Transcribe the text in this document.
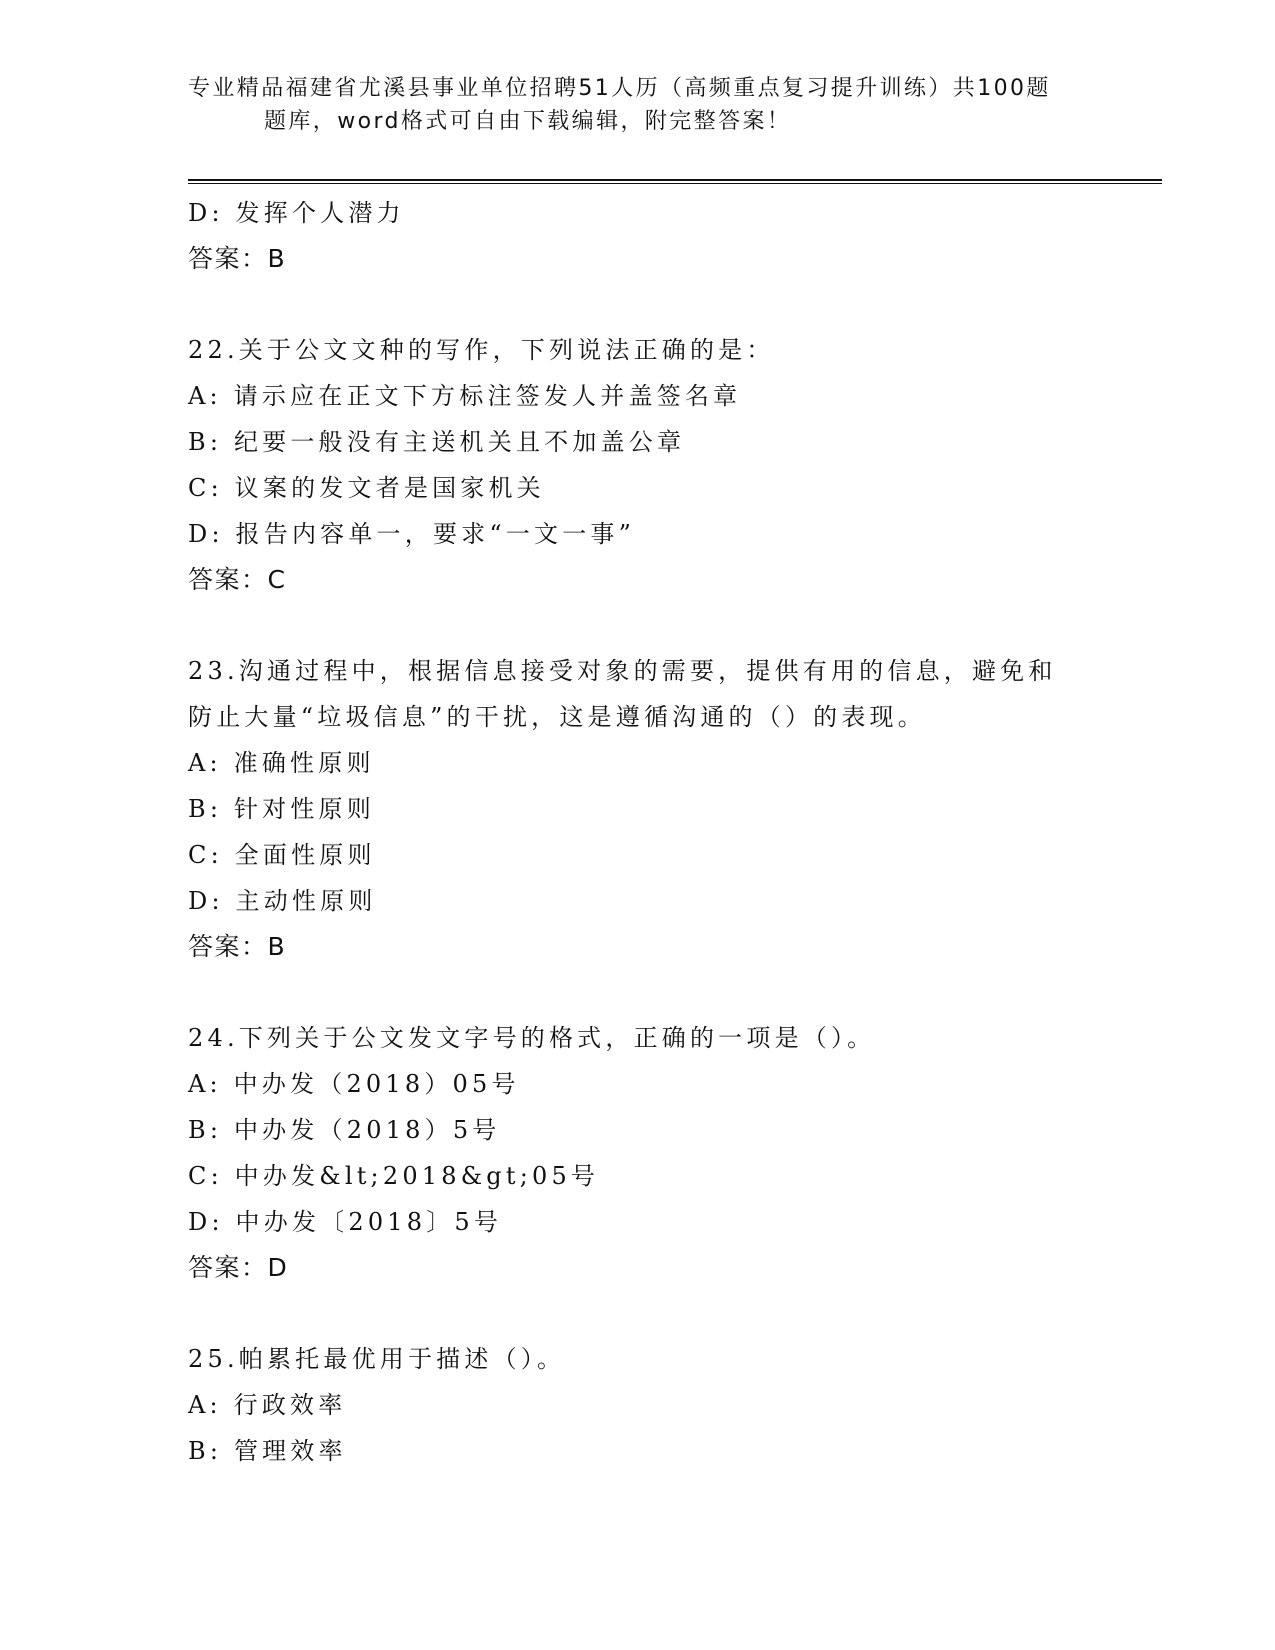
专业精品福建省尤溪县事业单位招聘51人历（高频重点复习提升训练）共100题
题库，word格式可自由下载编辑，附完整答案！
D: 发挥个人潜力
答案：B
22.关于公文文种的写作，下列说法正确的是：
A: 请示应在正文下方标注签发人并盖签名章
B: 纪要一般没有主送机关且不加盖公章
C: 议案的发文者是国家机关
D: 报告内容单一，要求“一文一事”
答案：C
23.沟通过程中，根据信息接受对象的需要，提供有用的信息，避免和
防止大量“垃圾信息”的干扰，这是遵循沟通的（）的表现。
A: 准确性原则
B: 针对性原则
C: 全面性原则
D: 主动性原则
答案：B
24.下列关于公文发文字号的格式，正确的一项是（）。
A: 中办发（2018）05号
B: 中办发（2018）5号
C: 中办发&lt;2018&gt;05号
D: 中办发〔2018〕5号
答案：D
25.帕累托最优用于描述（）。
A: 行政效率
B: 管理效率
